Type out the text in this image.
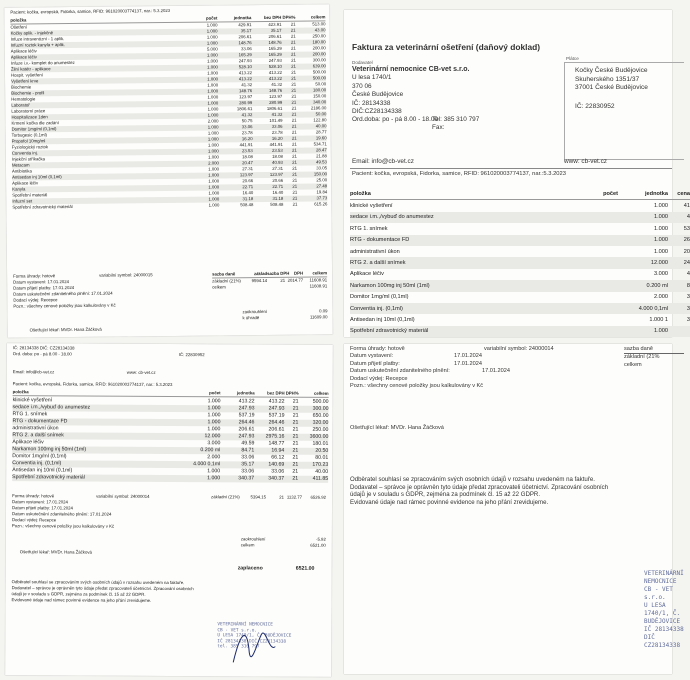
Pacient: kočka, evropská, Fidorka, samice, RFID: 961020003774137, nar.: 5.3.2023
položka	počet	jednotka	bez DPH DPH%	celkem
Ošetření	1.000	429.91	423.91	21	513.00
Kočky aplik. - injekčně	1.000	35.17	35.17	21	43.00
Infuze intravenózní - 1 aplik.	1.000	206.61	206.61	21	250.00
Infuzní roztok kanyla + aplik.	1.000	148.76	148.76	21	180.00
Aplikace léčiv	5.000	33.06	165.29	21	200.00
Aplikace léčiv	1.000	165.29	165.29	21	200.00
Infuze i.v.- komplet do anumestez	1.000	247.93	247.93	21	300.00
Žilní katétr - aplikace	1.000	528.10	528.10	21	639.00
Hospit. vyšetření	1.000	413.22	413.22	21	500.00
Vyšetření krve	1.000	413.22	413.22	21	500.00
Biochemie	1.000	41.32	41.32	21	50.00
Biochemie - profil	1.000	148.76	148.76	21	180.00
Hematologie	1.000	123.97	123.97	21	150.00
Laboratoř	1.000	280.99	280.99	21	340.00
Laboratorní práce	1.000	1806.61	1806.61	21	2186.00
Hospitalizace 1den	1.000	41.32	41.32	21	50.00
Krmení kočka dle zadání	2.000	50.75	101.49	21	122.80
Domitor 1mg/ml (0,1ml)	1.000	33.06	33.06	21	40.00
Torbugesic (0,1ml)	1.000	23.78	23.78	21	28.77
Propofol 10mg/ml	1.000	16.20	16.20	21	19.60
Fyziologický roztok	1.000	441.91	441.91	21	534.71
Conventia inj.	1.000	23.53	23.53	21	28.47
Injekční stříkačka	1.000	18.08	18.08	21	21.88
Metacam	2.000	20.47	40.93	21	49.53
Antibiotika	1.000	27.31	27.31	21	33.05
Antisedan inj 10ml (0,1ml)	1.000	123.97	123.97	21	150.00
Aplikace léčiv	1.000	20.66	20.66	21	25.00
Kanyla	1.000	22.71	22.71	21	27.48
Spotřební materiál	1.000	16.40	16.40	21	19.84
Infuzní set	1.000	31.18	31.18	21	37.73
Spotřební zdravotnický materiál	1.000	508.48	508.48	21	615.26
Forma úhrady: hotově
Datum vystavení: 17.01.2024
Datum přijetí platby: 17.01.2024
Datum uskutečnění zdanitelného plnění: 17.01.2024
Dodací výdej: Recepce
Pozn.: všechny cenové položky jsou kalkulovány v Kč
variabilní symbol: 24000015	sazba daně	základ sazba DPH	DPH	celkem
základní (21%)	9594.14	21 2014.77	11608.91
celkem	11608.91
zaokrouhlení	0.09
k úhradě	11609.00
Ošetřující lékař: MVDr. Hana Žáčková
Faktura za veterinární ošetření (daňový doklad)
Dodavatel
Plátce
Veterinární nemocnice CB-vet s.r.o.
U lesa 1740/1
370 06
České Budějovice
IČ: 28134338
DIČ:CZ28134338
Ord.doba: po - pá 8.00 - 18.00
Tel: 385 310 797
Fax:
Kočky České Budějovice
Skuherského 1351/37
37001 České Budějovice
IČ: 22830952
Email: info@cb-vet.cz	www: cb-vet.cz
Pacient: kočka, evropská, Fidorka, samice, RFID: 961020003774137, nar.:5.3.2023
položka	počet	jednotka	cena
klinické vyšetření	1.000	41
sedace i.m.,/vybuď do anumestez	1.000	4
RTG 1. snímek	1.000	53
RTG - dokumentace FD	1.000	26
administrativní úkon	1.000	20
RTG 2. a další snímek	12.000	24
Aplikace léčiv	3.000	4
Narkamon 100mg inj 50ml (1ml)	0.200 ml	8
Domitor 1mg/ml (0,1ml)	2.000	3
Conventia inj. (0,1ml)	4.000 0,1ml	3
Antisedan inj 10ml (0,1ml)	1.000 1	3
Spotřební zdravotnický materiál	1.000
IČ: 28134338 DIČ: CZ28134338
Ord. doba: po - pá 8.00 - 18.00	IČ: 22830952
Email: info@cb-vet.cz	www: cb-vet.cz
Pacient: kočka, evropská, Fidorka, samice, RFID: 961020003774137, nar.: 5.3.2023
položka	počet	jednotka	bez DPH DPH%	celkem
klinické vyšetření	1.000	413.22	413.22	21	500.00
sedace i.m.,/vybuď do anumestez	1.000	247.93	247.93	21	300.00
RTG 1. snímek	1.000	537.19	537.19	21	650.00
RTG - dokumentace FD	1.000	264.46	264.46	21	320.00
administrativní úkon	1.000	206.61	206.61	21	250.00
RTG 2. a další snímek	12.000	247.93	2975.16	21	3600.00
Aplikace léčiv	3.000	49.59	148.77	21	180.01
Narkamon 100mg inj 50ml (1ml)	0.200 ml	84.71	16.94	21	20.50
Domitor 1mg/ml (0,1ml)	2.000	33.06	66.12	21	80.01
Conventia inj. (0,1ml)	4.000 0,1ml	35.17	140.69	21	170.23
Antisedan inj 10ml (0,1ml)	1.000	33.06	33.06	21	40.00
Spotřební zdravotnický materiál	1.000	340.37	340.37	21	411.85
Forma úhrady: hotově
Datum vystavení: 17.01.2024
Datum přijetí platby: 17.01.2024
Datum uskutečnění zdanitelného plnění: 17.01.2024
Dodací výdej: Recepce
Pozn.: všechny cenové položky jsou kalkulovány v Kč
variabilní symbol: 24000014	základní (21%)	5394.15	21 1132.77	6526.92
zaokrouhlení	-5.92
celkem	6521.00
Ošetřující lékař: MVDr. Hana Žáčková
zaplaceno	6521.00
Odběratel souhlasí se zpracováním svých osobních údajů v rozsahu uvedeném na faktuře.
Dodavatel – správce je oprávněn tyto údaje předat zpracovateli účetnictví. Zpracování osobních
údajů je v souladu s GDPR, zejména za podmínek čl. 15 až 22 GDPR.
Evidované údaje nad rámec povinné evidence na jeho přání zrevidujeme.
VETERINÁRNÍ NEMOCNICE
CB - VET s.r.o.
U LESA 1740/1, Č. BUDĚJOVICE
IČ 28134338 DIČ CZ28134338
tel. 385 310 797
Forma úhrady: hotově
Datum vystavení:	17.01.2024
Datum přijetí platby:	17.01.2024
Datum uskutečnění zdanitelného plnění:	17.01.2024
Dodací výdej: Recepce
Pozn.: všechny cenové položky jsou kalkulovány v Kč
variabilní symbol: 24000014	sazba daně
základní (21%
celkem
Ošetřující lékař: MVDr. Hana Žáčková
Odběratel souhlasí se zpracováním svých osobních údajů v rozsahu uvedeném na faktuře.
Dodavatel – správce je oprávněn tyto údaje předat zpracovateli účetnictví. Zpracování osobních
údajů je v souladu s GDPR, zejména za podmínek čl. 15 až 22 GDPR.
Evidované údaje nad rámec povinné evidence na jeho přání zrevidujeme.
VETERINÁRNÍ NEMOCNICE
CB - VET s.r.o.
U LESA 1740/1, Č. BUDĚJOVICE
IČ 28134338 DIČ CZ28134338
